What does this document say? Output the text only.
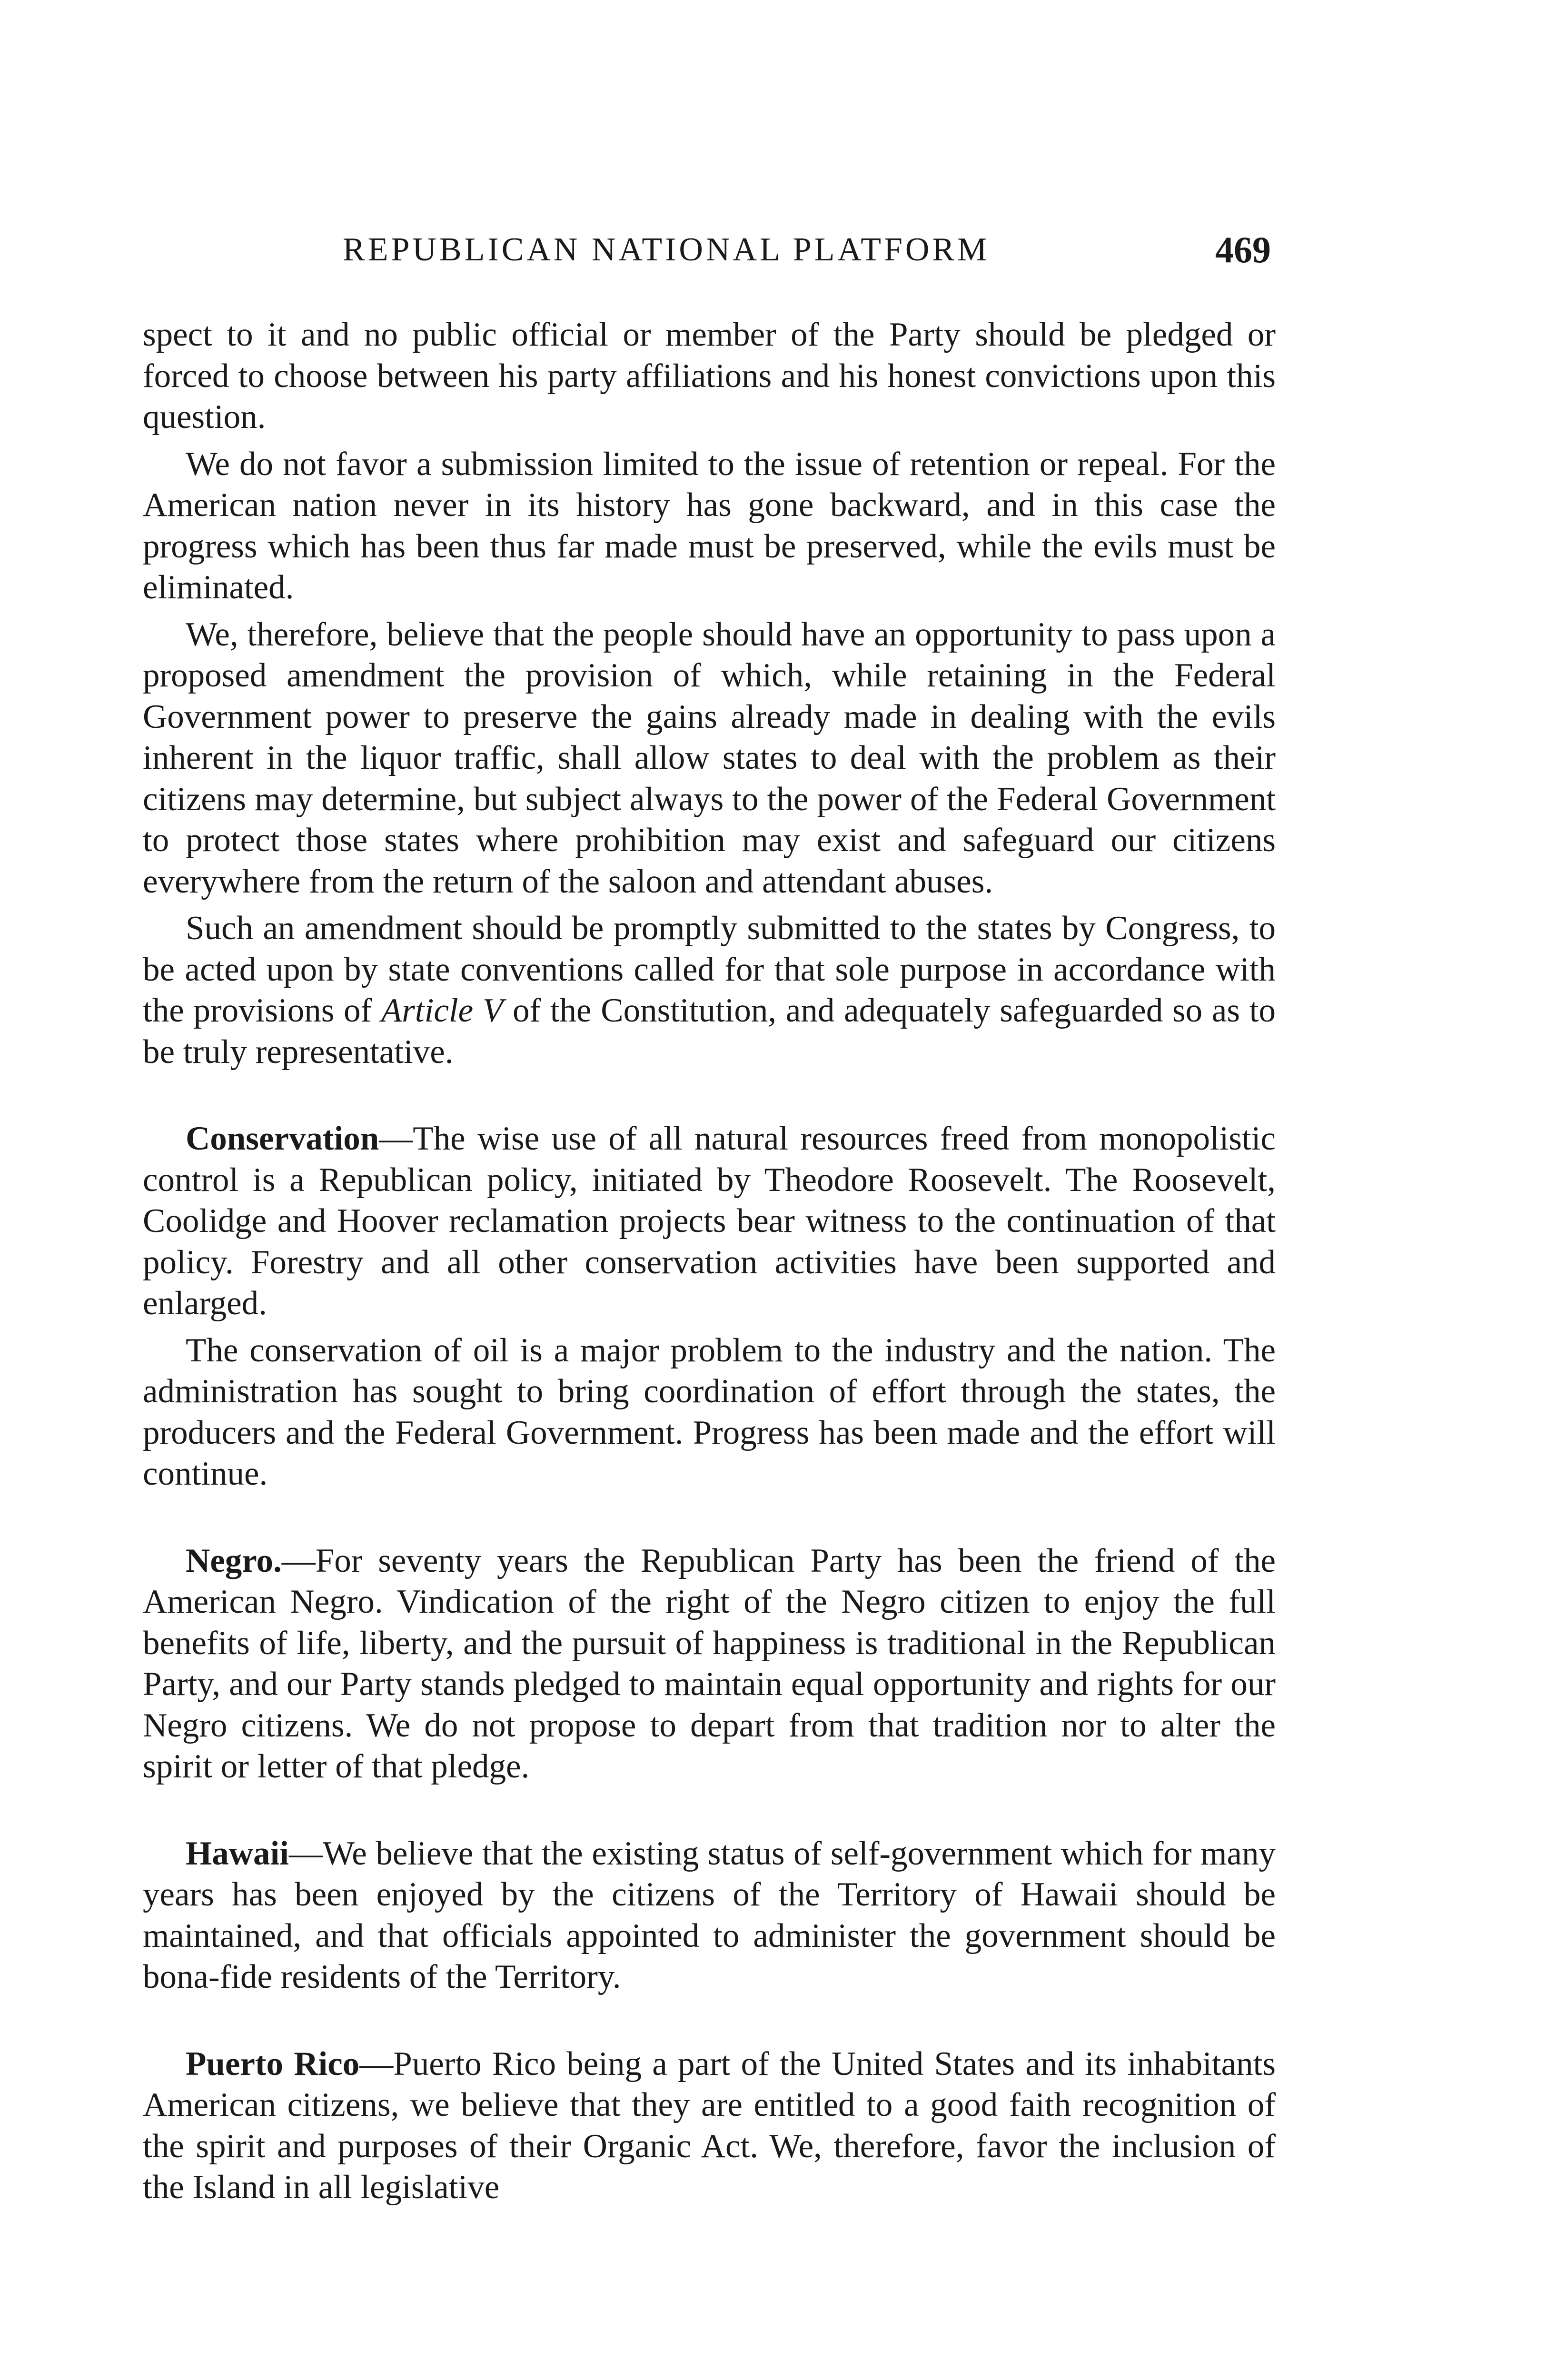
REPUBLICAN NATIONAL PLATFORM	469

spect to it and no public official or member of the Party should be pledged or forced to choose between his party affiliations and his honest convictions upon this question.

We do not favor a submission limited to the issue of retention or repeal. For the American nation never in its history has gone backward, and in this case the progress which has been thus far made must be preserved, while the evils must be eliminated.

We, therefore, believe that the people should have an opportunity to pass upon a proposed amendment the provision of which, while retaining in the Federal Government power to preserve the gains already made in dealing with the evils inherent in the liquor traffic, shall allow states to deal with the problem as their citizens may determine, but subject always to the power of the Federal Government to protect those states where prohibition may exist and safeguard our citizens everywhere from the return of the saloon and attendant abuses.

Such an amendment should be promptly submitted to the states by Congress, to be acted upon by state conventions called for that sole purpose in accordance with the provisions of Article V of the Constitution, and adequately safeguarded so as to be truly representative.

Conservation—The wise use of all natural resources freed from monopolistic control is a Republican policy, initiated by Theodore Roosevelt. The Roosevelt, Coolidge and Hoover reclamation projects bear witness to the continuation of that policy. Forestry and all other conservation activities have been supported and enlarged.

The conservation of oil is a major problem to the industry and the nation. The administration has sought to bring coordination of effort through the states, the producers and the Federal Government. Progress has been made and the effort will continue.

Negro.—For seventy years the Republican Party has been the friend of the American Negro. Vindication of the right of the Negro citizen to enjoy the full benefits of life, liberty, and the pursuit of happiness is traditional in the Republican Party, and our Party stands pledged to maintain equal opportunity and rights for our Negro citizens. We do not propose to depart from that tradition nor to alter the spirit or letter of that pledge.

Hawaii—We believe that the existing status of self-government which for many years has been enjoyed by the citizens of the Territory of Hawaii should be maintained, and that officials appointed to administer the government should be bona-fide residents of the Territory.

Puerto Rico—Puerto Rico being a part of the United States and its inhabitants American citizens, we believe that they are entitled to a good faith recognition of the spirit and purposes of their Organic Act. We, therefore, favor the inclusion of the Island in all legislative
